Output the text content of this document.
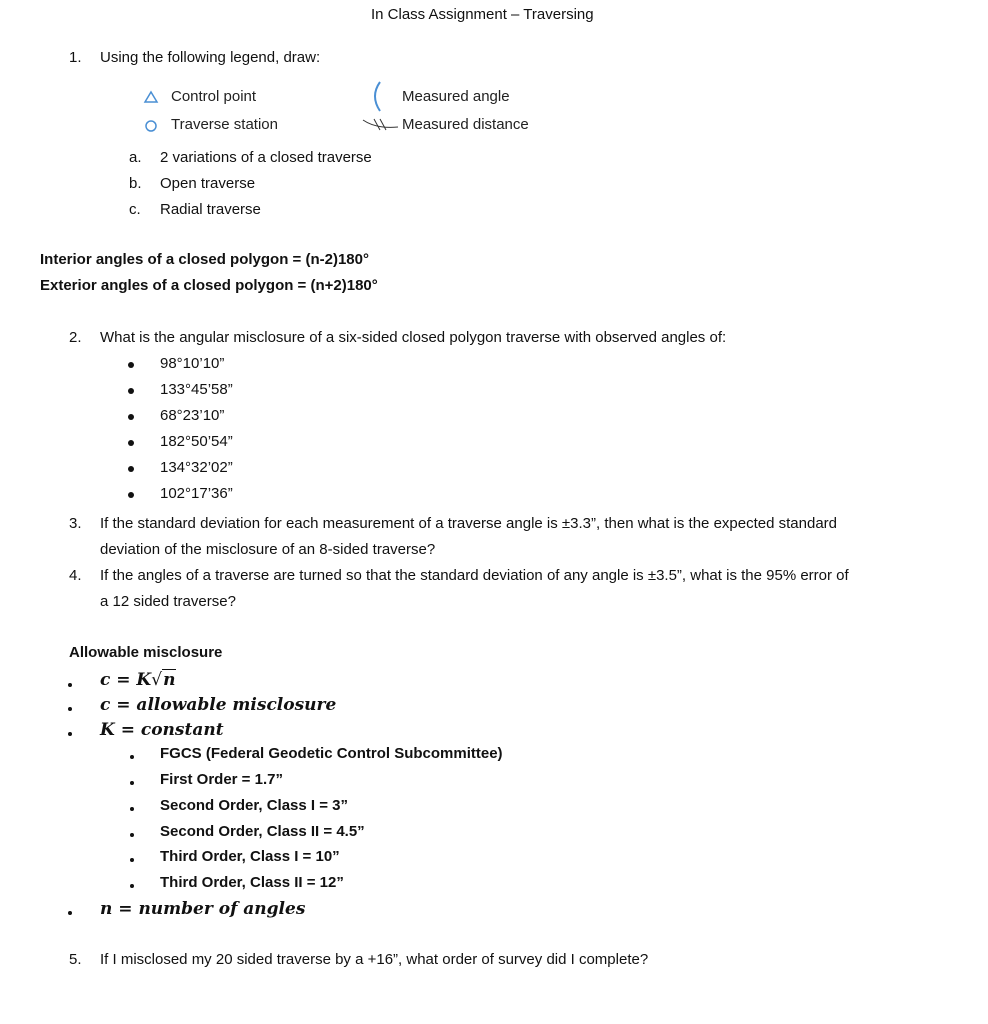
In Class Assignment – Traversing
1. Using the following legend, draw:
Control point
Traverse station
Measured angle
Measured distance
a. 2 variations of a closed traverse
b. Open traverse
c. Radial traverse
Interior angles of a closed polygon = (n-2)180°
Exterior angles of a closed polygon = (n+2)180°
2. What is the angular misclosure of a six-sided closed polygon traverse with observed angles of:
98°10’10”
133°45’58”
68°23’10”
182°50’54”
134°32’02”
102°17’36”
3. If the standard deviation for each measurement of a traverse angle is ±3.3”, then what is the expected standard
deviation of the misclosure of an 8-sided traverse?
4. If the angles of a traverse are turned so that the standard deviation of any angle is ±3.5”, what is the 95% error of
a 12 sided traverse?
Allowable misclosure
c = K√n
c = allowable misclosure
K = constant
FGCS (Federal Geodetic Control Subcommittee)
First Order = 1.7”
Second Order, Class I = 3”
Second Order, Class II = 4.5”
Third Order, Class I = 10”
Third Order, Class II = 12”
n = number of angles
5. If I misclosed my 20 sided traverse by a +16”, what order of survey did I complete?
